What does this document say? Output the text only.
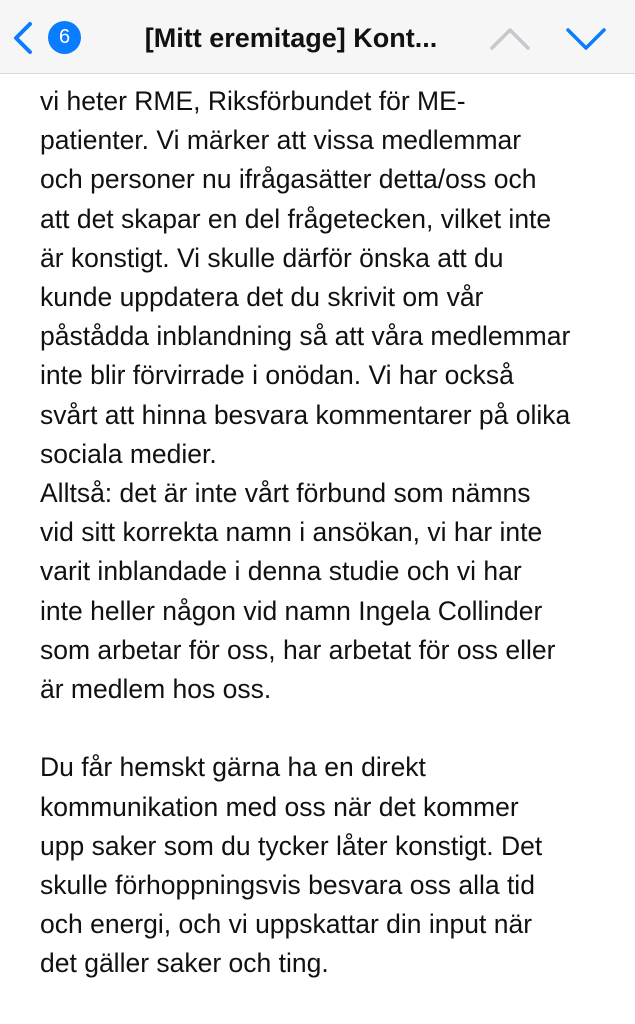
6	[Mitt eremitage] Kont...

vi heter RME, Riksförbundet för ME-
patienter. Vi märker att vissa medlemmar
och personer nu ifrågasätter detta/oss och
att det skapar en del frågetecken, vilket inte
är konstigt. Vi skulle därför önska att du
kunde uppdatera det du skrivit om vår
påstådda inblandning så att våra medlemmar
inte blir förvirrade i onödan. Vi har också
svårt att hinna besvara kommentarer på olika
sociala medier.

Alltså: det är inte vårt förbund som nämns
vid sitt korrekta namn i ansökan, vi har inte
varit inblandade i denna studie och vi har
inte heller någon vid namn Ingela Collinder
som arbetar för oss, har arbetat för oss eller
är medlem hos oss.

Du får hemskt gärna ha en direkt
kommunikation med oss när det kommer
upp saker som du tycker låter konstigt. Det
skulle förhoppningsvis besvara oss alla tid
och energi, och vi uppskattar din input när
det gäller saker och ting.
